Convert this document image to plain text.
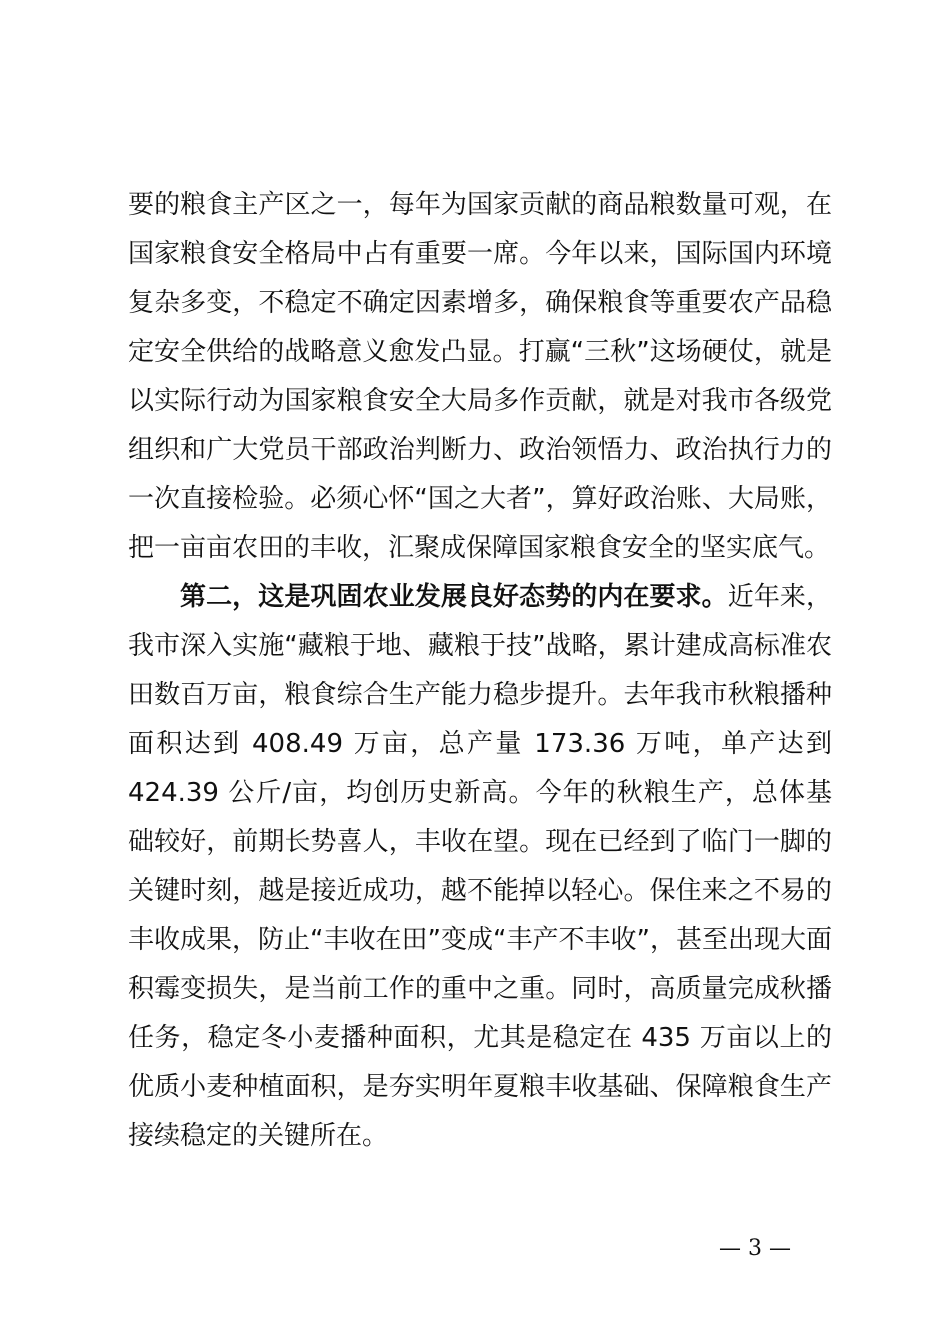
要的粮食主产区之一，每年为国家贡献的商品粮数量可观，在国家粮食安全格局中占有重要一席。今年以来，国际国内环境复杂多变，不稳定不确定因素增多，确保粮食等重要农产品稳定安全供给的战略意义愈发凸显。打赢“三秋”这场硬仗，就是以实际行动为国家粮食安全大局多作贡献，就是对我市各级党组织和广大党员干部政治判断力、政治领悟力、政治执行力的一次直接检验。必须心怀“国之大者”，算好政治账、大局账，把一亩亩农田的丰收，汇聚成保障国家粮食安全的坚实底气。

第二，这是巩固农业发展良好态势的内在要求。近年来，我市深入实施“藏粮于地、藏粮于技”战略，累计建成高标准农田数百万亩，粮食综合生产能力稳步提升。去年我市秋粮播种面积达到 408.49 万亩，总产量 173.36 万吨，单产达到 424.39 公斤/亩，均创历史新高。今年的秋粮生产，总体基础较好，前期长势喜人，丰收在望。现在已经到了临门一脚的关键时刻，越是接近成功，越不能掉以轻心。保住来之不易的丰收成果，防止“丰收在田”变成“丰产不丰收”，甚至出现大面积霉变损失，是当前工作的重中之重。同时，高质量完成秋播任务，稳定冬小麦播种面积，尤其是稳定在 435 万亩以上的优质小麦种植面积，是夯实明年夏粮丰收基础、保障粮食生产接续稳定的关键所在。

— 3 —
